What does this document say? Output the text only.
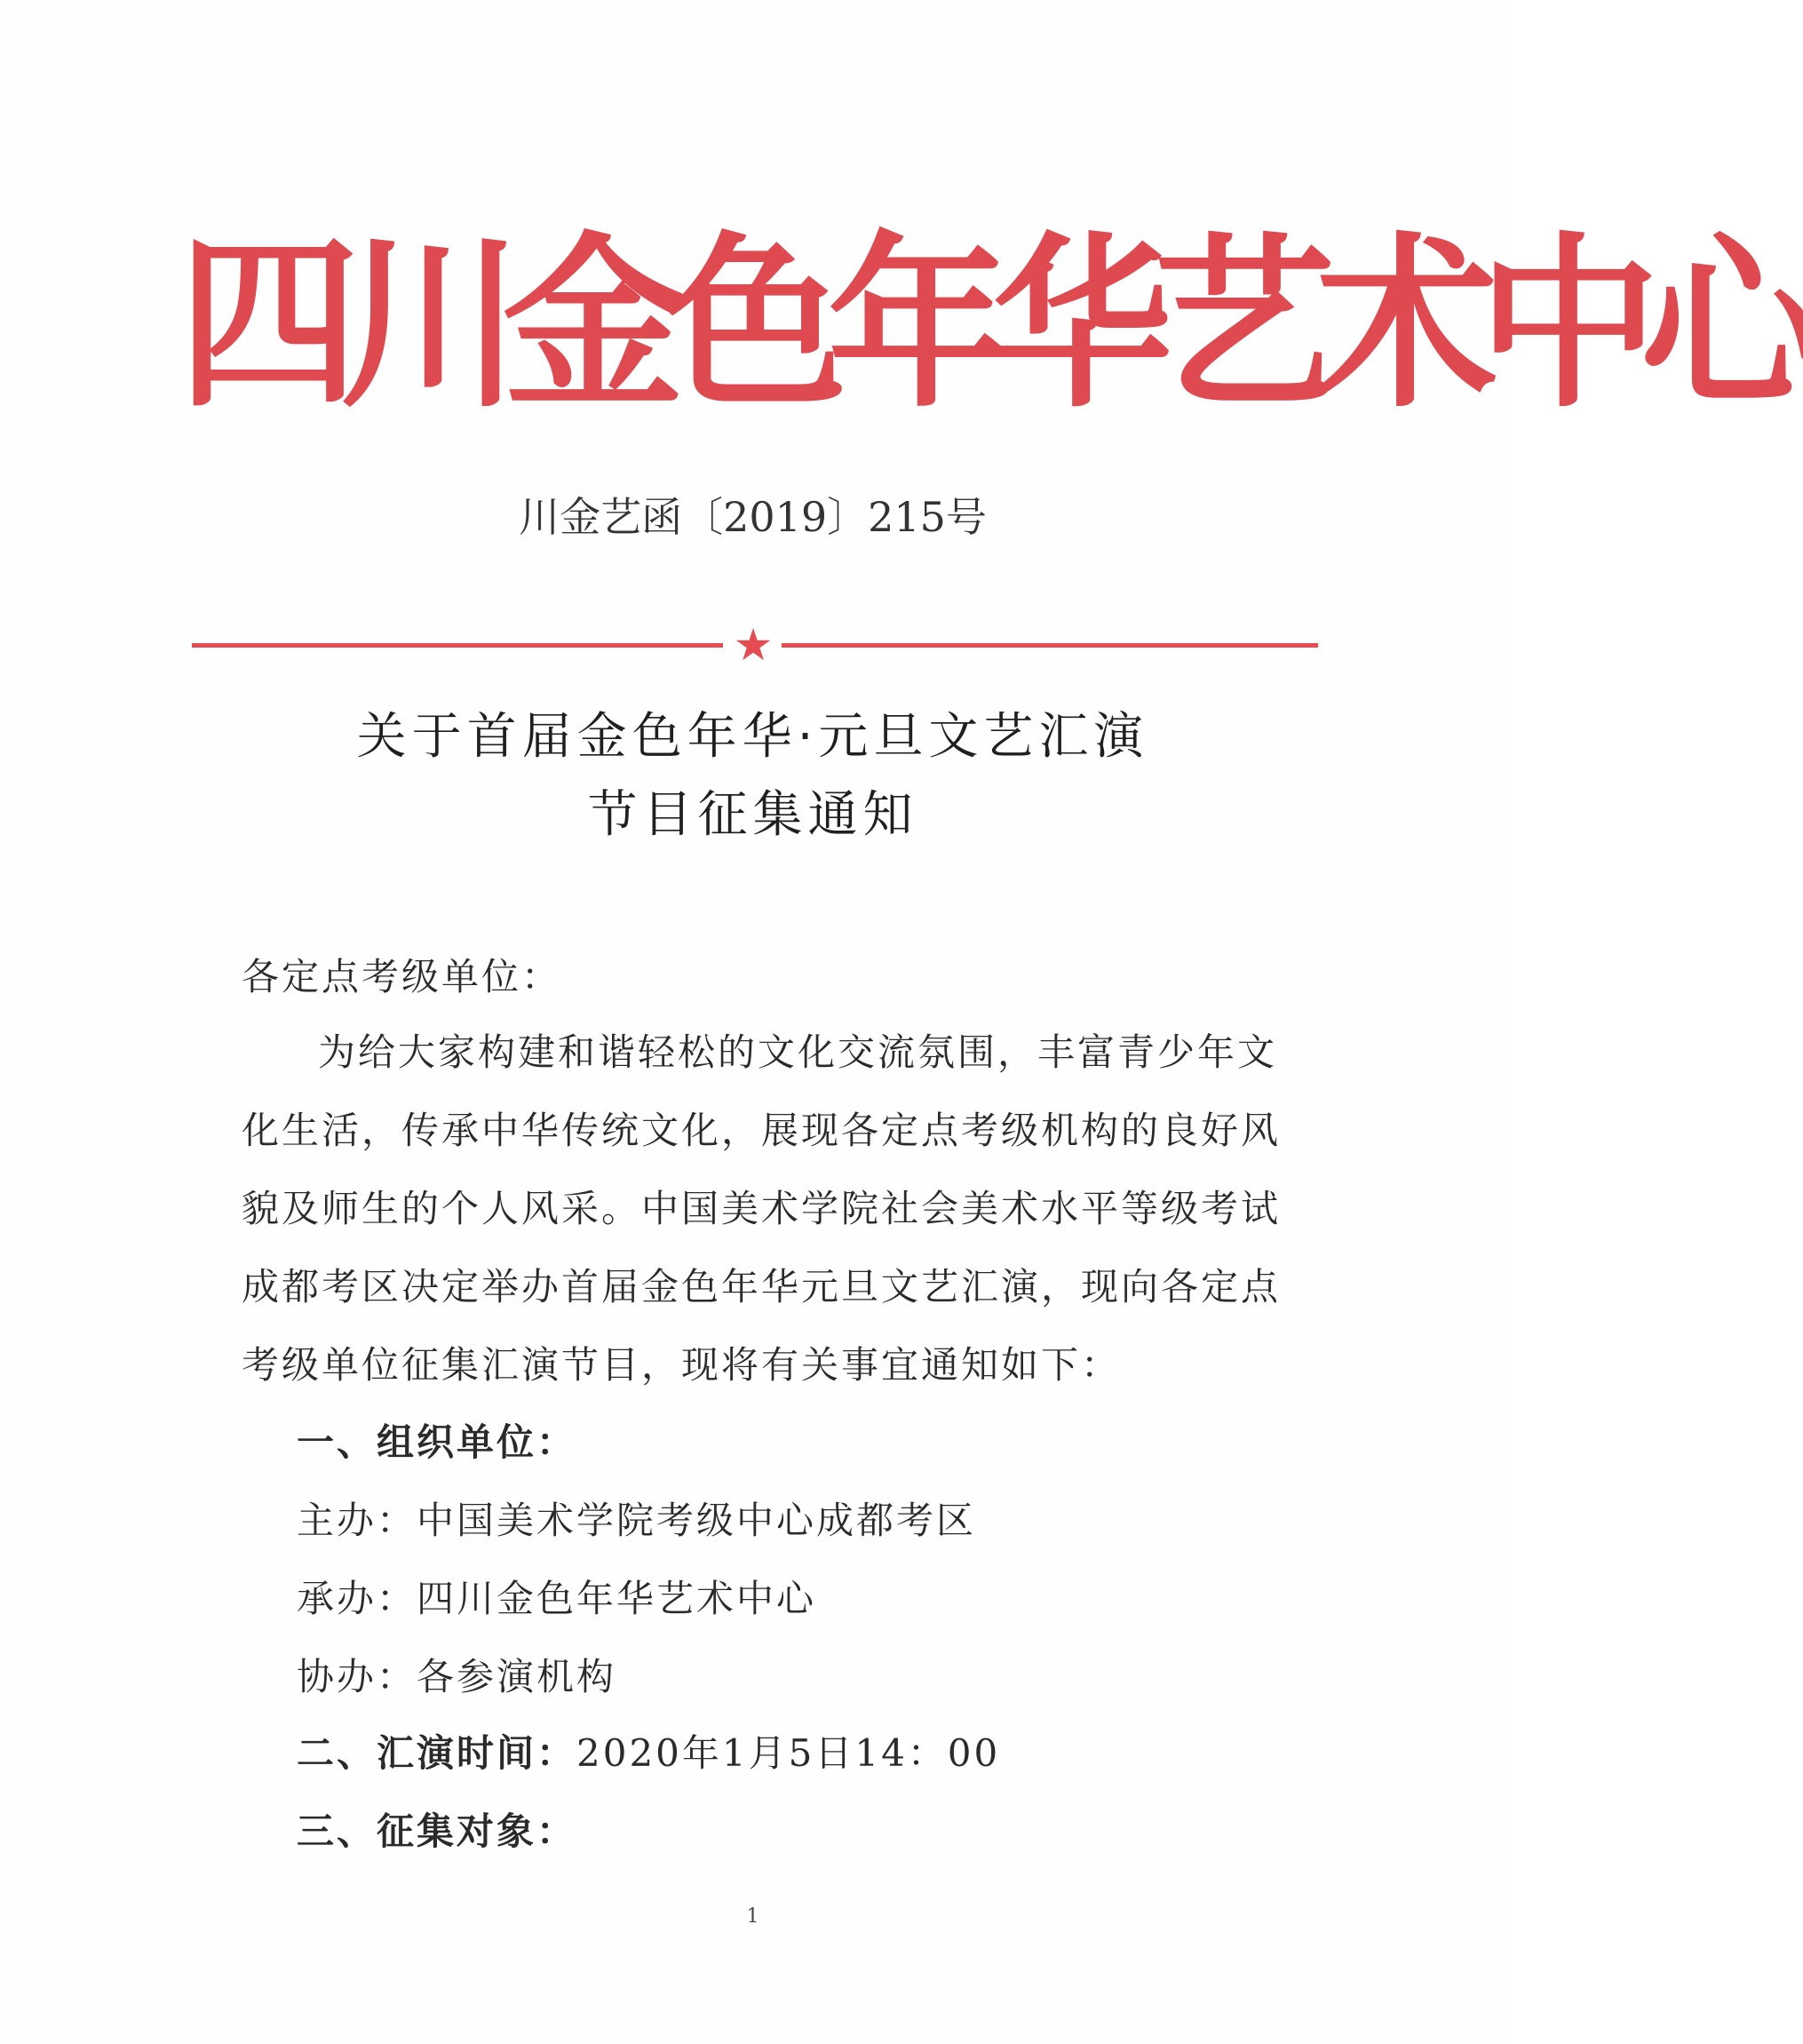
四川金色年华艺术中心
川金艺函〔2019〕215号
★
关于首届金色年华·元旦文艺汇演
节目征集通知
各定点考级单位：
为给大家构建和谐轻松的文化交流氛围，丰富青少年文
化生活，传承中华传统文化，展现各定点考级机构的良好风
貌及师生的个人风采。中国美术学院社会美术水平等级考试
成都考区决定举办首届金色年华元旦文艺汇演，现向各定点
考级单位征集汇演节目，现将有关事宜通知如下：
一、组织单位：
主办：中国美术学院考级中心成都考区
承办：四川金色年华艺术中心
协办：各参演机构
二、汇演时间：2020年1月5日14：00
三、征集对象：
1
